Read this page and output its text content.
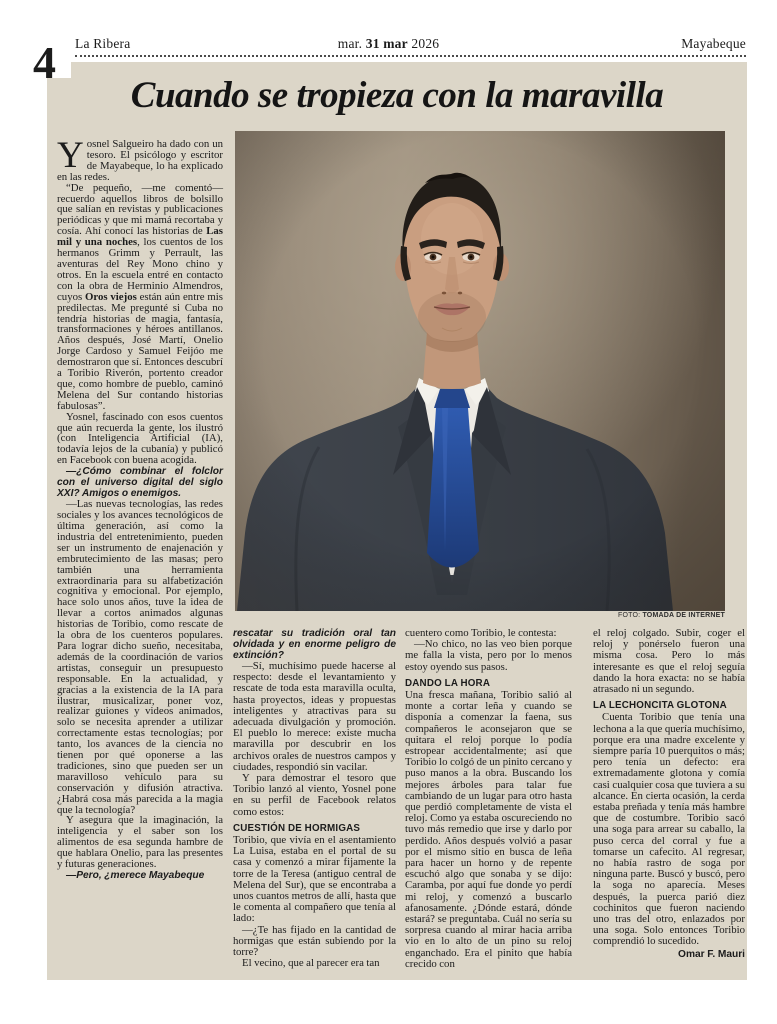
4 La Ribera	mar. 31 mar 2026	Mayabeque
Cuando se tropieza con la maravilla
FOTO: TOMADA DE INTERNET

Yosnel Salgueiro ha dado con un tesoro. El psicólogo y escritor de Mayabeque, lo ha explicado en las redes.

“De pequeño, —me comentó—recuerdo aquellos libros de bolsillo que salían en revistas y publicaciones periódicas y que mi mamá recortaba y cosía. Ahí conocí las historias de Las mil y una noches, los cuentos de los hermanos Grimm y Perrault, las aventuras del Rey Mono chino y otros. En la escuela entré en contacto con la obra de Herminio Almendros, cuyos Oros viejos están aún entre mis predilectas. Me pregunté si Cuba no tendría historias de magia, fantasía, transformaciones y héroes antillanos. Años después, José Martí, Onelio Jorge Cardoso y Samuel Feijóo me demostraron que sí. Entonces descubrí a Toribio Riverón, portento creador que, como hombre de pueblo, caminó Melena del Sur contando historias fabulosas”.

Yosnel, fascinado con esos cuentos que aún recuerda la gente, los ilustró (con Inteligencia Artificial (IA), todavía lejos de la cubanía) y publicó en Facebook con buena acogida.

—¿Cómo combinar el folclor con el universo digital del siglo XXI? Amigos o enemigos.

—Las nuevas tecnologías, las redes sociales y los avances tecnológicos de última generación, así como la industria del entretenimiento, pueden ser un instrumento de enajenación y embrutecimiento de las masas; pero también una herramienta extraordinaria para su alfabetización cognitiva y emocional. Por ejemplo, hace solo unos años, tuve la idea de llevar a cortos animados algunas historias de Toribio, como rescate de la obra de los cuenteros populares. Para lograr dicho sueño, necesitaba, además de la coordinación de varios artistas, conseguir un presupuesto responsable. En la actualidad, y gracias a la existencia de la IA para ilustrar, musicalizar, poner voz, realizar guiones y videos animados, solo se necesita aprender a utilizar correctamente estas tecnologías; por tanto, los avances de la ciencia no tienen por qué oponerse a las tradiciones, sino que pueden ser un maravilloso vehículo para su conservación y difusión atractiva. ¿Habrá cosa más parecida a la magia que la tecnología?

Y asegura que la imaginación, la inteligencia y el saber son los alimentos de esa segunda hambre de que hablara Onelio, para las presentes y futuras generaciones.

—Pero, ¿merece Mayabeque

rescatar su tradición oral tan olvidada y en enorme peligro de extinción?

—Sí, muchísimo puede hacerse al respecto: desde el levantamiento y rescate de toda esta maravilla oculta, hasta proyectos, ideas y propuestas inteligentes y atractivas para su adecuada divulgación y promoción. El pueblo lo merece: existe mucha maravilla por descubrir en los archivos orales de nuestros campos y ciudades, respondió sin vacilar.

Y para demostrar el tesoro que Toribio lanzó al viento, Yosnel pone en su perfil de Facebook relatos como estos:

CUESTIÓN DE HORMIGAS

Toribio, que vivía en el asentamiento La Luisa, estaba en el portal de su casa y comenzó a mirar fijamente la torre de la Teresa (antiguo central de Melena del Sur), que se encontraba a unos cuantos metros de allí, hasta que le comenta al compañero que tenía al lado:

—¿Te has fijado en la cantidad de hormigas que están subiendo por la torre?

El vecino, que al parecer era tan

cuentero como Toribio, le contesta:

—No chico, no las veo bien porque me falla la vista, pero por lo menos estoy oyendo sus pasos.

DANDO LA HORA

Una fresca mañana, Toribio salió al monte a cortar leña y cuando se disponía a comenzar la faena, sus compañeros le aconsejaron que se quitara el reloj porque lo podía estropear accidentalmente; así que Toribio lo colgó de un pinito cercano y puso manos a la obra. Buscando los mejores árboles para talar fue cambiando de un lugar para otro hasta que perdió completamente de vista el reloj. Como ya estaba oscureciendo no tuvo más remedio que irse y darlo por perdido. Años después volvió a pasar por el mismo sitio en busca de leña para hacer un horno y de repente escuchó algo que sonaba y se dijo: Caramba, por aquí fue donde yo perdí mi reloj, y comenzó a buscarlo afanosamente. ¿Dónde estará, dónde estará? se preguntaba. Cuál no sería su sorpresa cuando al mirar hacia arriba vio en lo alto de un pino su reloj enganchado. Era el pinito que había crecido con

el reloj colgado. Subir, coger el reloj y ponérselo fueron una misma cosa. Pero lo más interesante es que el reloj seguía dando la hora exacta: no se había atrasado ni un segundo.

LA LECHONCITA GLOTONA

Cuenta Toribio que tenía una lechona a la que quería muchísimo, porque era una madre excelente y siempre paría 10 puerquitos o más; pero tenía un defecto: era extremadamente glotona y comía casi cualquier cosa que tuviera a su alcance. En cierta ocasión, la cerda estaba preñada y tenía más hambre que de costumbre. Toribio sacó una soga para arrear su caballo, la puso cerca del corral y fue a tomarse un cafecito. Al regresar, no había rastro de soga por ninguna parte. Buscó y buscó, pero la soga no aparecía. Meses después, la puerca parió diez cochinitos que fueron naciendo uno tras del otro, enlazados por una soga. Solo entonces Toribio comprendió lo sucedido.

Omar F. Mauri
